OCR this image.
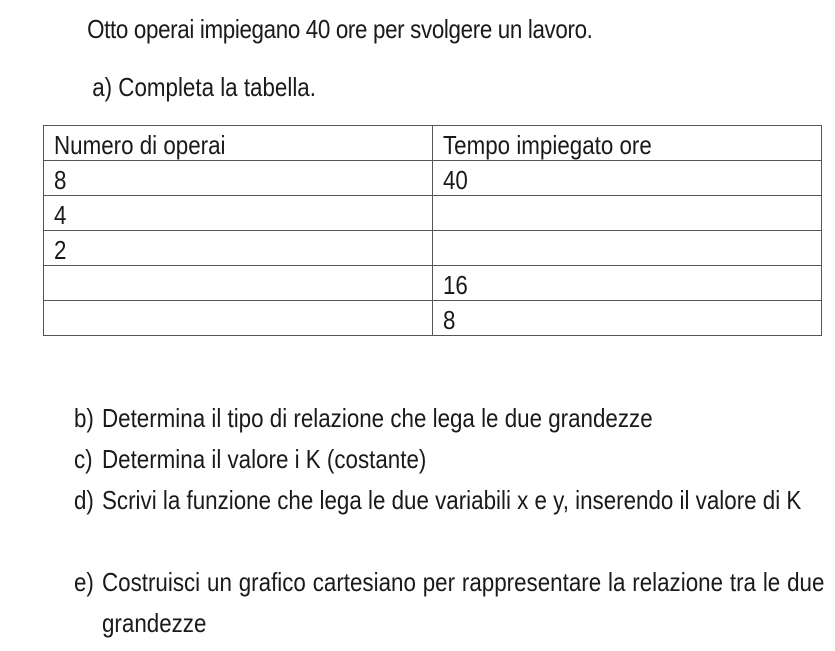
Otto operai impiegano 40 ore per svolgere un lavoro.
a) Completa la tabella.
Numero di operai	Tempo impiegato ore
8	40
4	
2	
	16
	8
b) Determina il tipo di relazione che lega le due grandezze
c) Determina il valore i K (costante)
d) Scrivi la funzione che lega le due variabili x e y, inserendo il valore di K
e) Costruisci un grafico cartesiano per rappresentare la relazione tra le due grandezze
